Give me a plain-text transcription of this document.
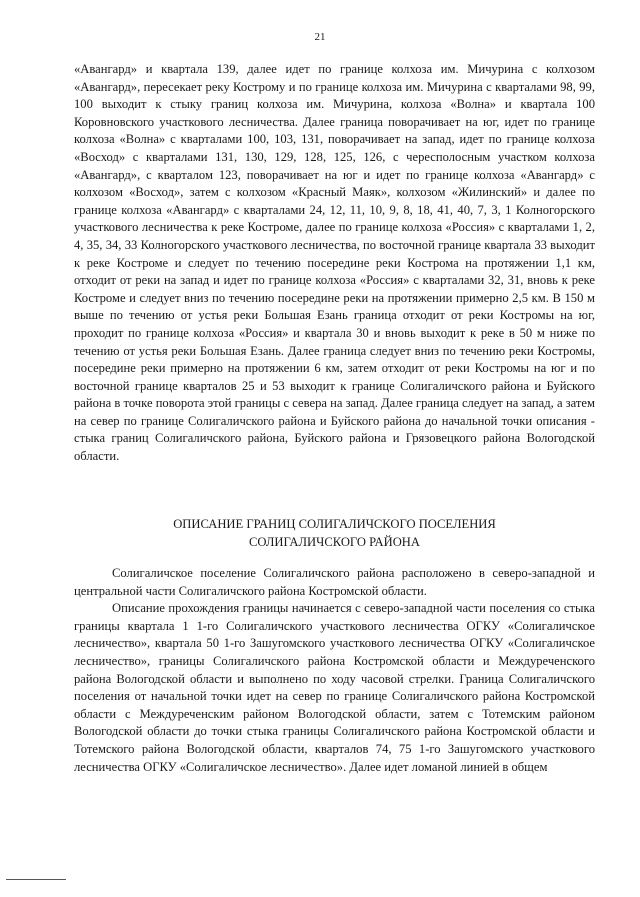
21

«Авангард» и квартала 139, далее идет по границе колхоза им. Мичурина с колхозом «Авангард», пересекает реку Кострому и по границе колхоза им. Мичурина с кварталами 98, 99, 100 выходит к стыку границ колхоза им. Мичурина, колхоза «Волна» и квартала 100 Коровновского участкового лесничества. Далее граница поворачивает на юг, идет по границе колхоза «Волна» с кварталами 100, 103, 131, поворачивает на запад, идет по границе колхоза «Восход» с кварталами 131, 130, 129, 128, 125, 126, с чересполосным участком колхоза «Авангард», с кварталом 123, поворачивает на юг и идет по границе колхоза «Авангард» с колхозом «Восход», затем с колхозом «Красный Маяк», колхозом «Жилинский» и далее по границе колхоза «Авангард» с кварталами 24, 12, 11, 10, 9, 8, 18, 41, 40, 7, 3, 1 Колногорского участкового лесничества к реке Костроме, далее по границе колхоза «Россия» с кварталами 1, 2, 4, 35, 34, 33 Колногорского участкового лесничества, по восточной границе квартала 33 выходит к реке Костроме и следует по течению посередине реки Кострома на протяжении 1,1 км, отходит от реки на запад и идет по границе колхоза «Россия» с кварталами 32, 31, вновь к реке Костроме и следует вниз по течению посередине реки на протяжении примерно 2,5 км. В 150 м выше по течению от устья реки Большая Езань граница отходит от реки Костромы на юг, проходит по границе колхоза «Россия» и квартала 30 и вновь выходит к реке в 50 м ниже по течению от устья реки Большая Езань. Далее граница следует вниз по течению реки Костромы, посередине реки примерно на протяжении 6 км, затем отходит от реки Костромы на юг и по восточной границе кварталов 25 и 53 выходит к границе Солигаличского района и Буйского района в точке поворота этой границы с севера на запад. Далее граница следует на запад, а затем на север по границе Солигаличского района и Буйского района до начальной точки описания - стыка границ Солигаличского района, Буйского района и Грязовецкого района Вологодской области.

ОПИСАНИЕ ГРАНИЦ СОЛИГАЛИЧСКОГО ПОСЕЛЕНИЯ
СОЛИГАЛИЧСКОГО РАЙОНА

Солигаличское поселение Солигаличского района расположено в северо-западной и центральной части Солигаличского района Костромской области.

Описание прохождения границы начинается с северо-западной части поселения со стыка границы квартала 1 1-го Солигаличского участкового лесничества ОГКУ «Солигаличское лесничество», квартала 50 1-го Зашугомского участкового лесничества ОГКУ «Солигаличское лесничество», границы Солигаличского района Костромской области и Междуреченского района Вологодской области и выполнено по ходу часовой стрелки. Граница Солигаличского поселения от начальной точки идет на север по границе Солигаличского района Костромской области с Междуреченским районом Вологодской области, затем с Тотемским районом Вологодской области до точки стыка границы Солигаличского района Костромской области и Тотемского района Вологодской области, кварталов 74, 75 1-го Зашугомского участкового лесничества ОГКУ «Солигаличское лесничество». Далее идет ломаной линией в общем
